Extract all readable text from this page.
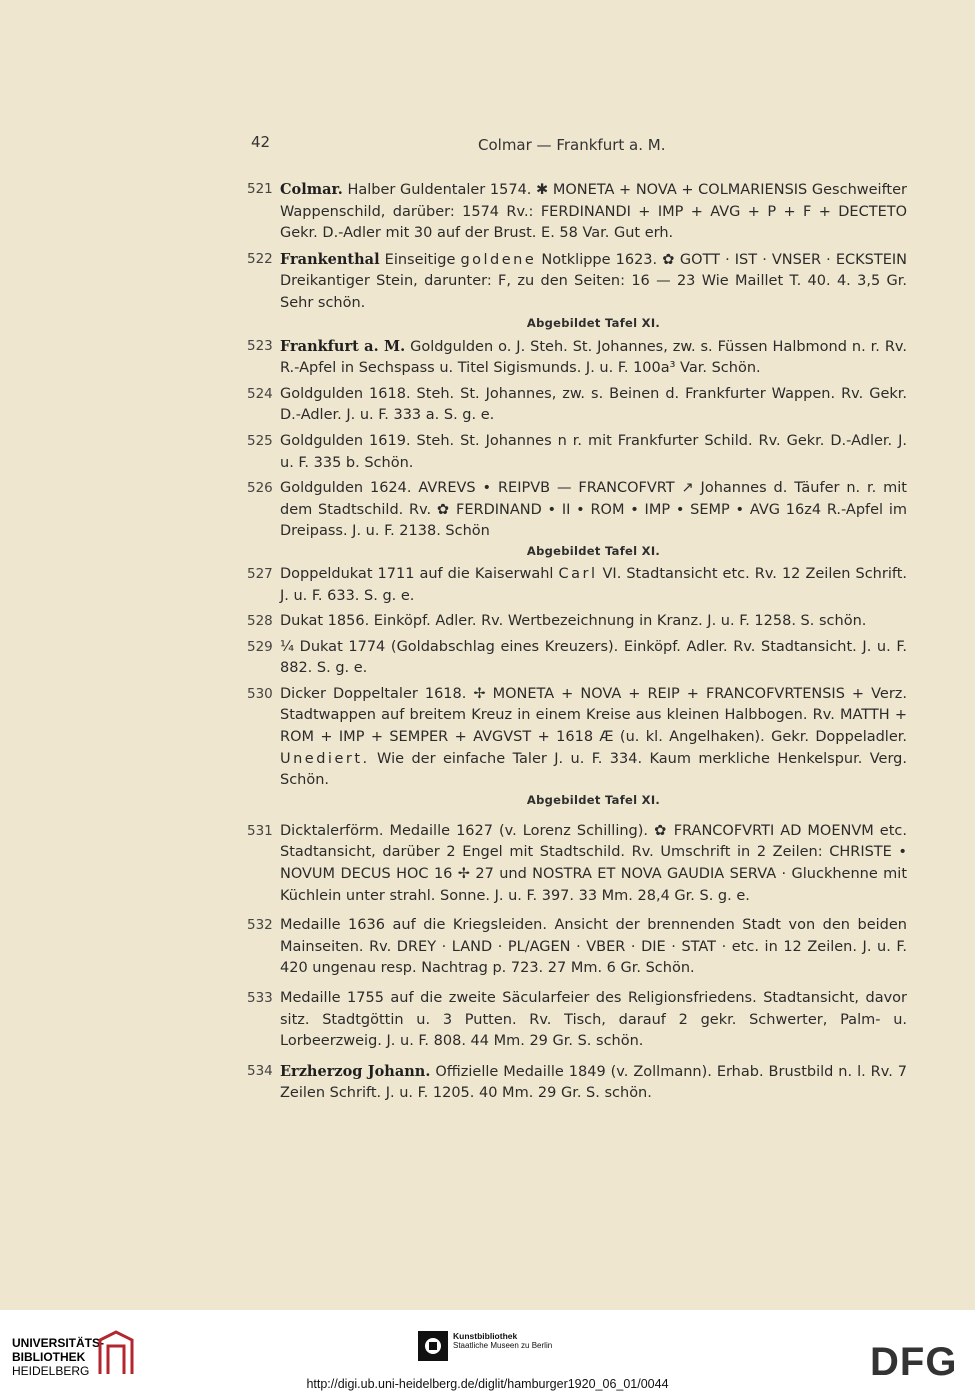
42	Colmar — Frankfurt a. M.
521 Colmar. Halber Guldentaler 1574. ✱ MONETA + NOVA + COLMARIENSIS Geschweifter Wappenschild, darüber: 1574 Rv.: FERDINANDI + IMP + AVG + P + F + DECTETO Gekr. D.-Adler mit 30 auf der Brust. E. 58 Var. Gut erh.
522 Frankenthal Einseitige goldene Notklippe 1623. ✿ GOTT · IST · VNSER · ECKSTEIN Dreikantiger Stein, darunter: F, zu den Seiten: 16 — 23 Wie Maillet T. 40. 4. 3,5 Gr. Sehr schön.
Abgebildet Tafel XI.
523 Frankfurt a. M. Goldgulden o. J. Steh. St. Johannes, zw. s. Füssen Halbmond n. r. Rv. R.-Apfel in Sechspass u. Titel Sigismunds. J. u. F. 100a³ Var. Schön.
524 Goldgulden 1618. Steh. St. Johannes, zw. s. Beinen d. Frankfurter Wappen. Rv. Gekr. D.-Adler. J. u. F. 333 a. S. g. e.
525 Goldgulden 1619. Steh. St. Johannes n r. mit Frankfurter Schild. Rv. Gekr. D.-Adler. J. u. F. 335 b. Schön.
526 Goldgulden 1624. AVREVS • REIPVB — FRANCOFVRT ↗ Johannes d. Täufer n. r. mit dem Stadtschild. Rv. ✿ FERDINAND • II • ROM • IMP • SEMP • AVG 16z4 R.-Apfel im Dreipass. J. u. F. 2138. Schön
Abgebildet Tafel XI.
527 Doppeldukat 1711 auf die Kaiserwahl Carl VI. Stadtansicht etc. Rv. 12 Zeilen Schrift. J. u. F. 633. S. g. e.
528 Dukat 1856. Einköpf. Adler. Rv. Wertbezeichnung in Kranz. J. u. F. 1258. S. schön.
529 ¼ Dukat 1774 (Goldabschlag eines Kreuzers). Einköpf. Adler. Rv. Stadtansicht. J. u. F. 882. S. g. e.
530 Dicker Doppeltaler 1618. ✢ MONETA + NOVA + REIP + FRANCOFVRTENSIS + Verz. Stadtwappen auf breitem Kreuz in einem Kreise aus kleinen Halbbogen. Rv. MATTH + ROM + IMP + SEMPER + AVGVST + 1618 Æ (u. kl. Angelhaken). Gekr. Doppeladler. Unediert. Wie der einfache Taler J. u. F. 334. Kaum merkliche Henkelspur. Verg. Schön.
Abgebildet Tafel XI.
531 Dicktalerförm. Medaille 1627 (v. Lorenz Schilling). ✿ FRANCOFVRTI AD MOENVM etc. Stadtansicht, darüber 2 Engel mit Stadtschild. Rv. Umschrift in 2 Zeilen: CHRISTE • NOVUM DECUS HOC 16 ✢ 27 und NOSTRA ET NOVA GAUDIA SERVA · Gluckhenne mit Küchlein unter strahl. Sonne. J. u. F. 397. 33 Mm. 28,4 Gr. S. g. e.
532 Medaille 1636 auf die Kriegsleiden. Ansicht der brennenden Stadt von den beiden Mainseiten. Rv. DREY · LAND · PL/AGEN · VBER · DIE · STAT · etc. in 12 Zeilen. J. u. F. 420 ungenau resp. Nachtrag p. 723. 27 Mm. 6 Gr. Schön.
533 Medaille 1755 auf die zweite Säcularfeier des Religionsfriedens. Stadtansicht, davor sitz. Stadtgöttin u. 3 Putten. Rv. Tisch, darauf 2 gekr. Schwerter, Palm- u. Lorbeerzweig. J. u. F. 808. 44 Mm. 29 Gr. S. schön.
534 Erzherzog Johann. Offizielle Medaille 1849 (v. Zollmann). Erhab. Brustbild n. l. Rv. 7 Zeilen Schrift. J. u. F. 1205. 40 Mm. 29 Gr. S. schön.
UNIVERSITÄTS-
BIBLIOTHEK
HEIDELBERG
Kunstbibliothek
Staatliche Museen zu Berlin	DFG
http://digi.ub.uni-heidelberg.de/diglit/hamburger1920_06_01/0044
